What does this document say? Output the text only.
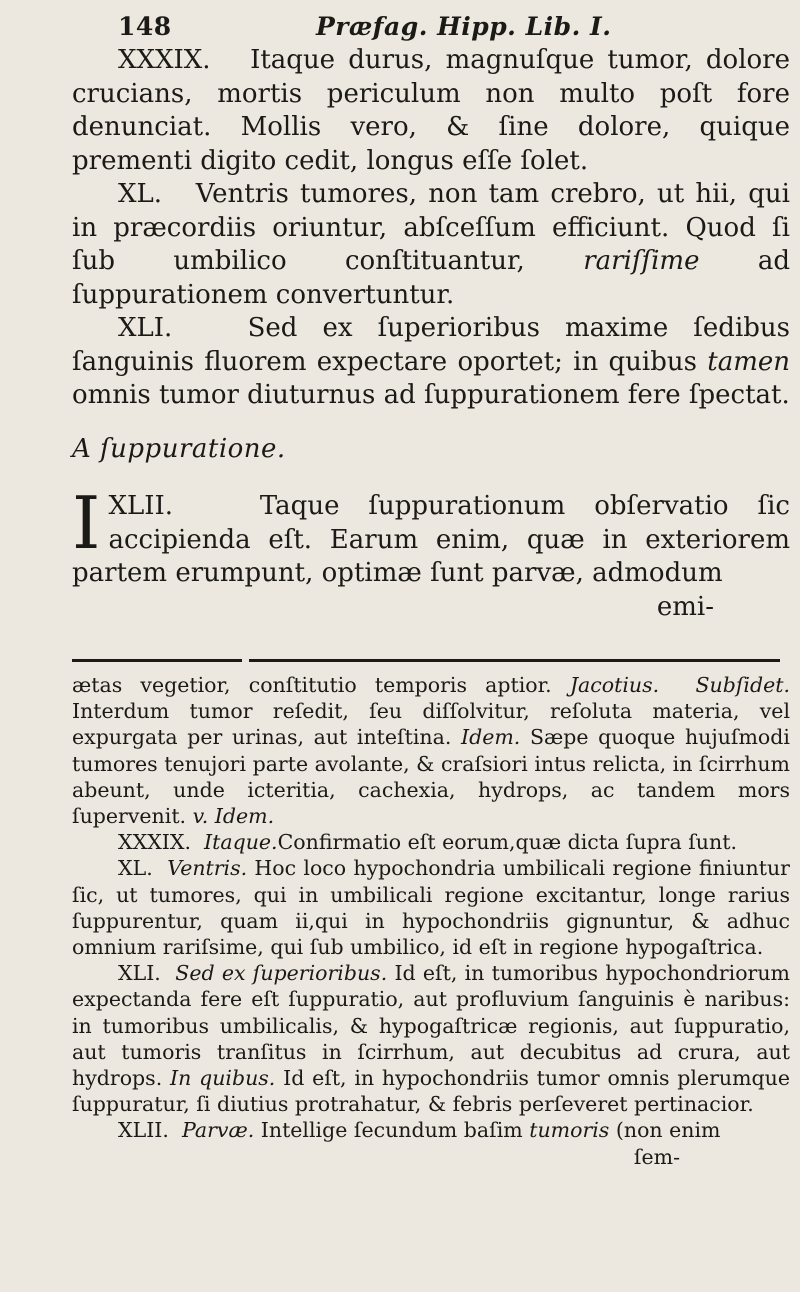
148	Præfag. Hipp. Lib. I.

XXXIX. Itaque durus, magnuſque tumor, dolore crucians, mortis periculum non multo poſt fore denunciat. Mollis vero, & ſine dolore, quique prementi digito cedit, longus eſſe ſolet.

XL. Ventris tumores, non tam crebro, ut hii, qui in præcordiis oriuntur, abſceſſum efficiunt. Quod ſi ſub umbilico conſtituantur, rariſſime ad ſuppurationem convertuntur.

XLI.	Sed ex ſuperioribus maxime ſedibus ſanguinis fluorem expectare oportet; in quibus tamen omnis tumor diuturnus ad ſuppurationem fere ſpectat.

A ſuppuratione.

XLII.
I	Taque ſuppurationum obſervatio ſic accipienda eſt. Earum enim, quæ in exteriorem partem erumpunt, optimæ ſunt parvæ, admodum

emi-

ætas vegetior, conſtitutio temporis aptior. Jacotius. Subſidet. Interdum tumor reſedit, ſeu diſſolvitur, reſoluta materia, vel expurgata per urinas, aut inteſtina. Idem. Sæpe quoque hujuſmodi tumores tenujori parte avolante, & craſsiori intus relicta, in ſcirrhum abeunt, unde icteritia, cachexia, hydrops, ac tandem mors ſupervenit. v. Idem.

XXXIX. Itaque.Confirmatio eſt eorum,quæ dicta ſupra ſunt.

XL. Ventris. Hoc loco hypochondria umbilicali regione finiuntur ſic, ut tumores, qui in umbilicali regione excitantur, longe rarius ſuppurentur, quam ii,qui in hypochondriis gignuntur, & adhuc omnium rariſsime, qui ſub umbilico, id eſt in regione hypogaſtrica.

XLI. Sed ex ſuperioribus. Id eſt, in tumoribus hypochondriorum expectanda fere eſt ſuppuratio, aut profluvium ſanguinis è naribus: in tumoribus umbilicalis, & hypogaſtricæ regionis, aut ſuppuratio, aut tumoris tranſitus in ſcirrhum, aut decubitus ad crura, aut hydrops. In quibus. Id eſt, in hypochondriis tumor omnis plerumque ſuppuratur, ſi diutius protrahatur, & febris perſeveret pertinacior.

XLII. Parvæ. Intellige ſecundum baſim tumoris (non enim

ſem-
